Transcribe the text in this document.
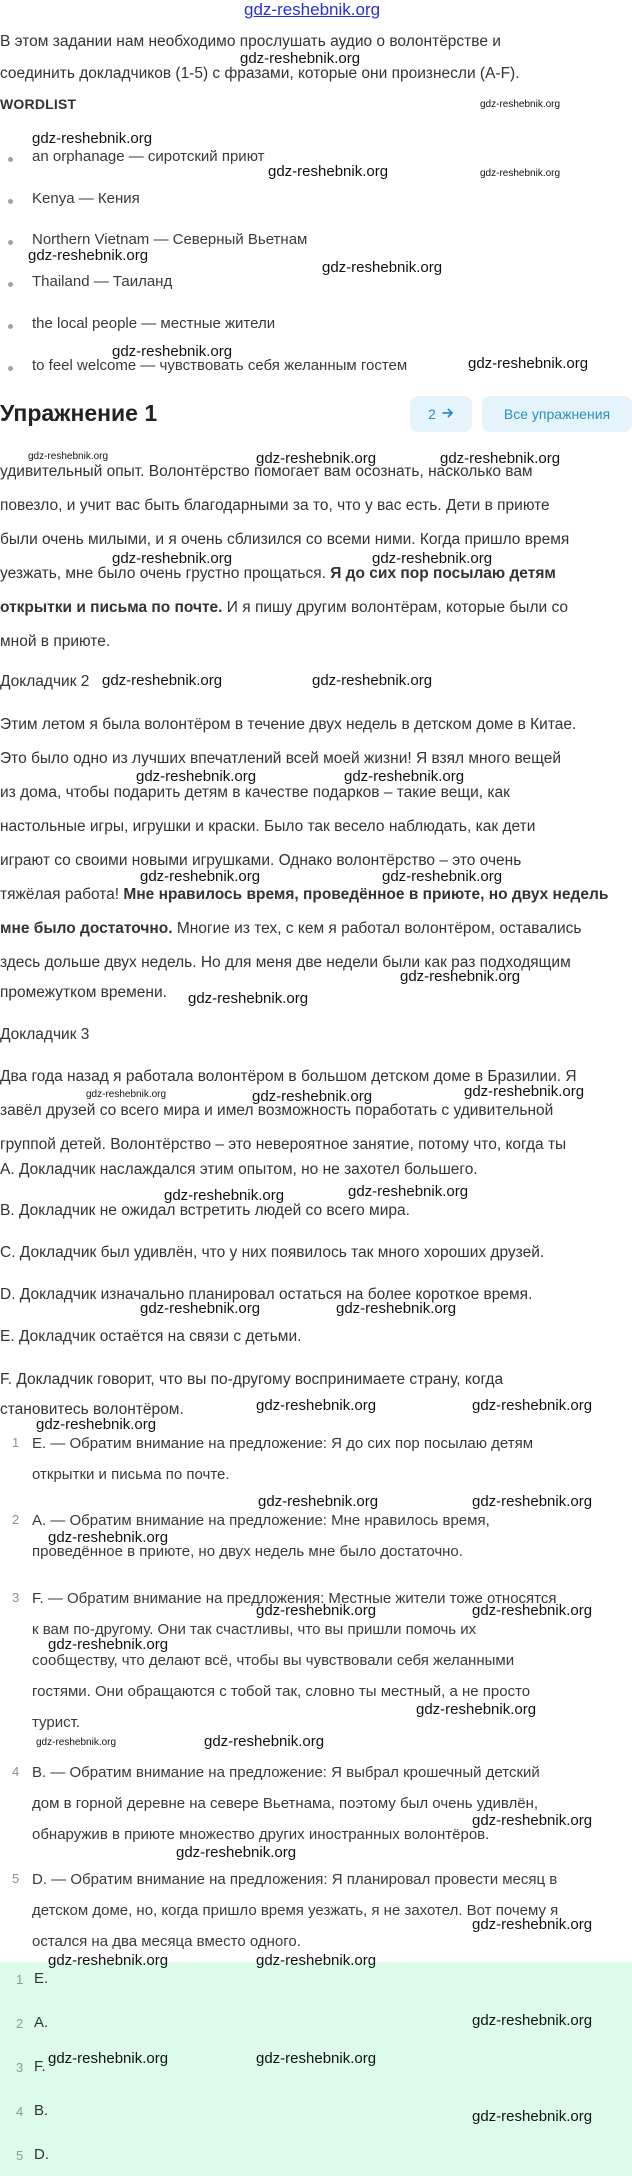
gdz-reshebnik.org
В этом задании нам необходимо прослушать аудио о волонтёрстве и
соединить докладчиков (1-5) с фразами, которые они произнесли (A-F).
WORDLIST
an orphanage — сиротский приют
Kenya — Кения
Northern Vietnam — Северный Вьетнам
Thailand — Таиланд
the local people — местные жители
to feel welcome — чувствовать себя желанным гостем
Упражнение 1	2	Все упражнения
удивительный опыт. Волонтёрство помогает вам осознать, насколько вам
повезло, и учит вас быть благодарными за то, что у вас есть. Дети в приюте
были очень милыми, и я очень сблизился со всеми ними. Когда пришло время
уезжать, мне было очень грустно прощаться. Я до сих пор посылаю детям
открытки и письма по почте. И я пишу другим волонтёрам, которые были со
мной в приюте.
Докладчик 2
Этим летом я была волонтёром в течение двух недель в детском доме в Китае.
Это было одно из лучших впечатлений всей моей жизни! Я взял много вещей
из дома, чтобы подарить детям в качестве подарков – такие вещи, как
настольные игры, игрушки и краски. Было так весело наблюдать, как дети
играют со своими новыми игрушками. Однако волонтёрство – это очень
тяжёлая работа! Мне нравилось время, проведённое в приюте, но двух недель
мне было достаточно. Многие из тех, с кем я работал волонтёром, оставались
здесь дольше двух недель. Но для меня две недели были как раз подходящим
промежутком времени.
Докладчик 3
Два года назад я работала волонтёром в большом детском доме в Бразилии. Я
завёл друзей со всего мира и имел возможность поработать с удивительной
группой детей. Волонтёрство – это невероятное занятие, потому что, когда ты
A. Докладчик наслаждался этим опытом, но не захотел большего.
B. Докладчик не ожидал встретить людей со всего мира.
C. Докладчик был удивлён, что у них появилось так много хороших друзей.
D. Докладчик изначально планировал остаться на более короткое время.
E. Докладчик остаётся на связи с детьми.
F. Докладчик говорит, что вы по-другому воспринимаете страну, когда
становитесь волонтёром.
1 E. — Обратим внимание на предложение: Я до сих пор посылаю детям
открытки и письма по почте.
2 A. — Обратим внимание на предложение: Мне нравилось время,
проведённое в приюте, но двух недель мне было достаточно.
3 F. — Обратим внимание на предложения: Местные жители тоже относятся
к вам по-другому. Они так счастливы, что вы пришли помочь их
сообществу, что делают всё, чтобы вы чувствовали себя желанными
гостями. Они обращаются с тобой так, словно ты местный, а не просто
турист.
4 B. — Обратим внимание на предложение: Я выбрал крошечный детский
дом в горной деревне на севере Вьетнама, поэтому был очень удивлён,
обнаружив в приюте множество других иностранных волонтёров.
5 D. — Обратим внимание на предложения: Я планировал провести месяц в
детском доме, но, когда пришло время уезжать, я не захотел. Вот почему я
остался на два месяца вместо одного.
1 E.
2 A.
3 F.
4 B.
5 D.
gdz-reshebnik.org
gdz-reshebnik.org
gdz-reshebnik.org
gdz-reshebnik.org	gdz-reshebnik.org
gdz-reshebnik.org
gdz-reshebnik.org
gdz-reshebnik.org
gdz-reshebnik.org
gdz-reshebnik.org	gdz-reshebnik.org	gdz-reshebnik.org
gdz-reshebnik.org	gdz-reshebnik.org
gdz-reshebnik.org	gdz-reshebnik.org
gdz-reshebnik.org	gdz-reshebnik.org
gdz-reshebnik.org	gdz-reshebnik.org
gdz-reshebnik.org
gdz-reshebnik.org
gdz-reshebnik.org	gdz-reshebnik.org	gdz-reshebnik.org
gdz-reshebnik.org	gdz-reshebnik.org
gdz-reshebnik.org	gdz-reshebnik.org
gdz-reshebnik.org	gdz-reshebnik.org
gdz-reshebnik.org
gdz-reshebnik.org	gdz-reshebnik.org
gdz-reshebnik.org
gdz-reshebnik.org	gdz-reshebnik.org
gdz-reshebnik.org
gdz-reshebnik.org
gdz-reshebnik.org	gdz-reshebnik.org
gdz-reshebnik.org
gdz-reshebnik.org
gdz-reshebnik.org
gdz-reshebnik.org	gdz-reshebnik.org
gdz-reshebnik.org
gdz-reshebnik.org	gdz-reshebnik.org
gdz-reshebnik.org
